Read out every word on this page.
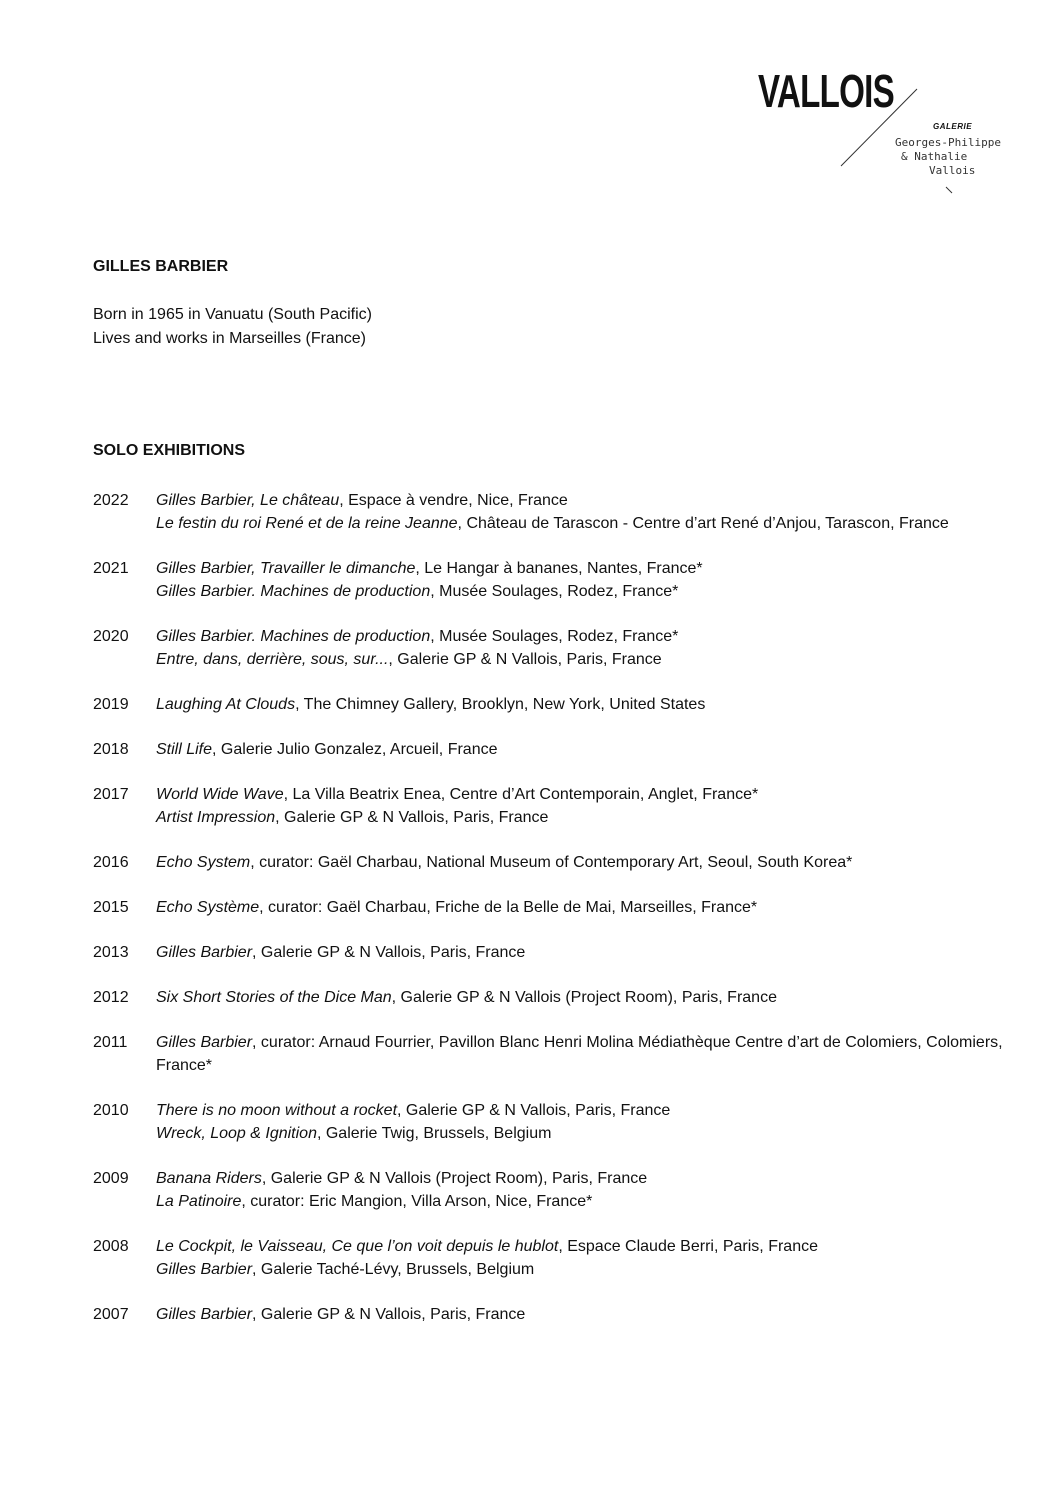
VALLOIS

GALERIE
Georges-Philippe
& Nathalie
Vallois
GILLES BARBIER
Born in 1965 in Vanuatu (South Pacific)
Lives and works in Marseilles (France)
SOLO EXHIBITIONS
2022	Gilles Barbier, Le château, Espace à vendre, Nice, France
Le festin du roi René et de la reine Jeanne, Château de Tarascon - Centre d’art René d’Anjou, Tarascon, France
2021	Gilles Barbier, Travailler le dimanche, Le Hangar à bananes, Nantes, France*
Gilles Barbier. Machines de production, Musée Soulages, Rodez, France*
2020	Gilles Barbier. Machines de production, Musée Soulages, Rodez, France*
Entre, dans, derrière, sous, sur..., Galerie GP & N Vallois, Paris, France
2019	Laughing At Clouds, The Chimney Gallery, Brooklyn, New York, United States
2018	Still Life, Galerie Julio Gonzalez, Arcueil, France
2017	World Wide Wave, La Villa Beatrix Enea, Centre d’Art Contemporain, Anglet, France*
Artist Impression, Galerie GP & N Vallois, Paris, France
2016	Echo System, curator: Gaël Charbau, National Museum of Contemporary Art, Seoul, South Korea*
2015	Echo Système, curator: Gaël Charbau, Friche de la Belle de Mai, Marseilles, France*
2013	Gilles Barbier, Galerie GP & N Vallois, Paris, France
2012	Six Short Stories of the Dice Man, Galerie GP & N Vallois (Project Room), Paris, France
2011	Gilles Barbier, curator: Arnaud Fourrier, Pavillon Blanc Henri Molina Médiathèque Centre d’art de Colomiers, Colomiers, France*
2010	There is no moon without a rocket, Galerie GP & N Vallois, Paris, France
Wreck, Loop & Ignition, Galerie Twig, Brussels, Belgium
2009	Banana Riders, Galerie GP & N Vallois (Project Room), Paris, France
La Patinoire, curator: Eric Mangion, Villa Arson, Nice, France*
2008	Le Cockpit, le Vaisseau, Ce que l’on voit depuis le hublot, Espace Claude Berri, Paris, France
Gilles Barbier, Galerie Taché-Lévy, Brussels, Belgium
2007	Gilles Barbier, Galerie GP & N Vallois, Paris, France
